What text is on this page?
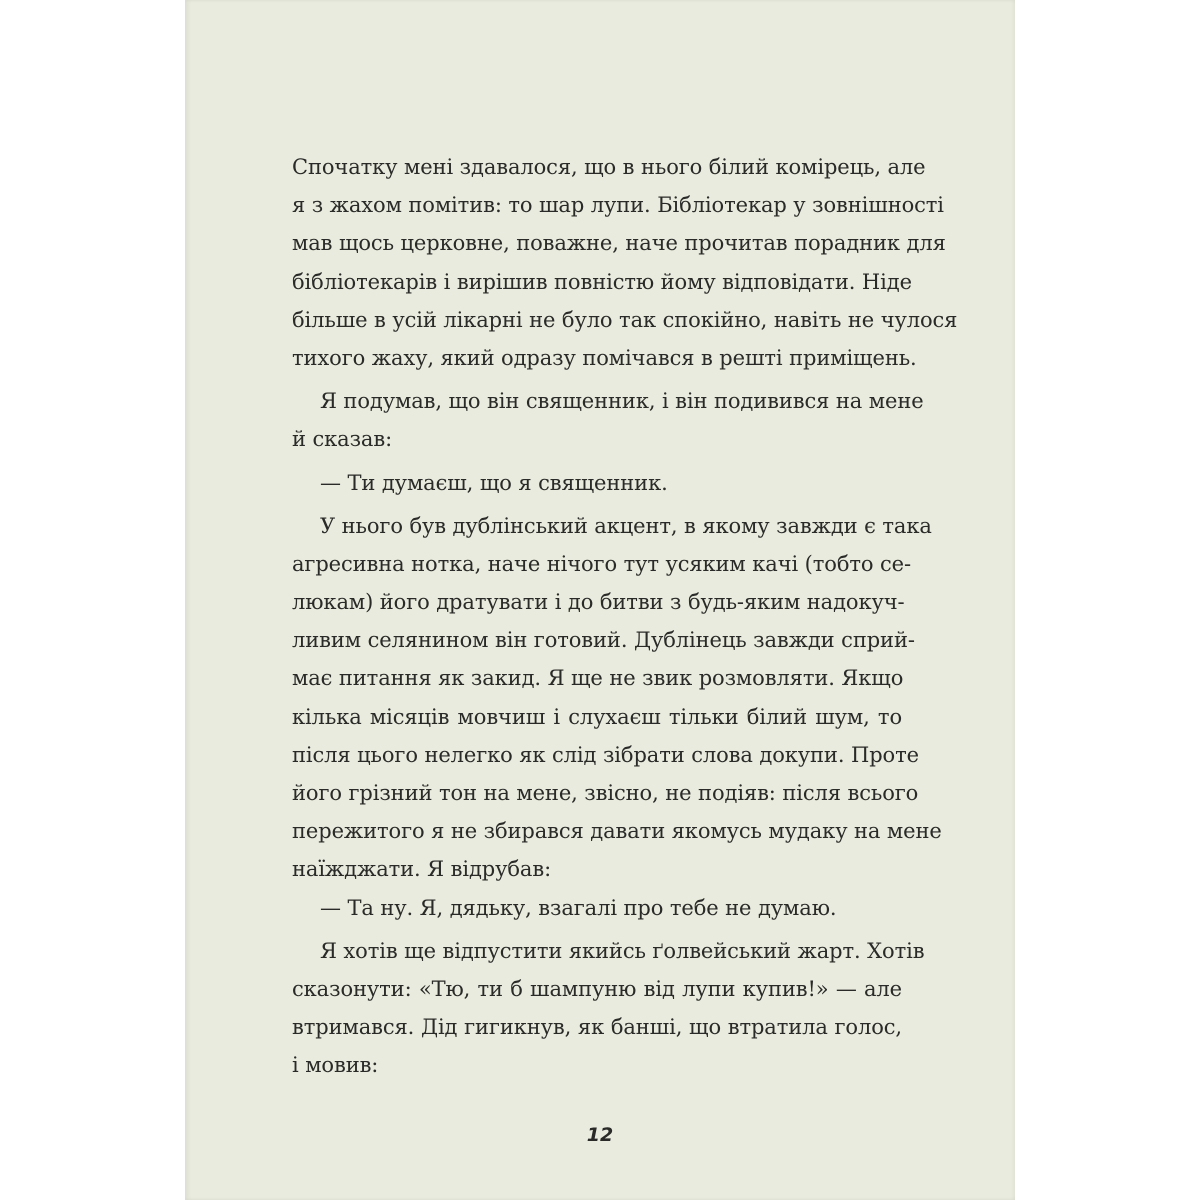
Спочатку мені здавалося, що в нього білий комірець, але
я з жахом помітив: то шар лупи. Бібліотекар у зовнішності
мав щось церковне, поважне, наче прочитав порадник для
бібліотекарів і вирішив повністю йому відповідати. Ніде
більше в усій лікарні не було так спокійно, навіть не чулося
тихого жаху, який одразу помічався в решті приміщень.
Я подумав, що він священник, і він подивився на мене
й сказав:
— Ти думаєш, що я священник.
У нього був дублінський акцент, в якому завжди є така
агресивна нотка, наче нічого тут усяким качі (тобто се-
люкам) його дратувати і до битви з будь-яким надокуч-
ливим селянином він готовий. Дублінець завжди сприй-
має питання як закид. Я ще не звик розмовляти. Якщо
кілька місяців мовчиш і слухаєш тільки білий шум, то
після цього нелегко як слід зібрати слова докупи. Проте
його грізний тон на мене, звісно, не подіяв: після всього
пережитого я не збирався давати якомусь мудаку на мене
наїжджати. Я відрубав:
— Та ну. Я, дядьку, взагалі про тебе не думаю.
Я хотів ще відпустити якийсь ґолвейський жарт. Хотів
сказонути: «Тю, ти б шампуню від лупи купив!» — але
втримався. Дід гигикнув, як банші, що втратила голос,
і мовив:
12
